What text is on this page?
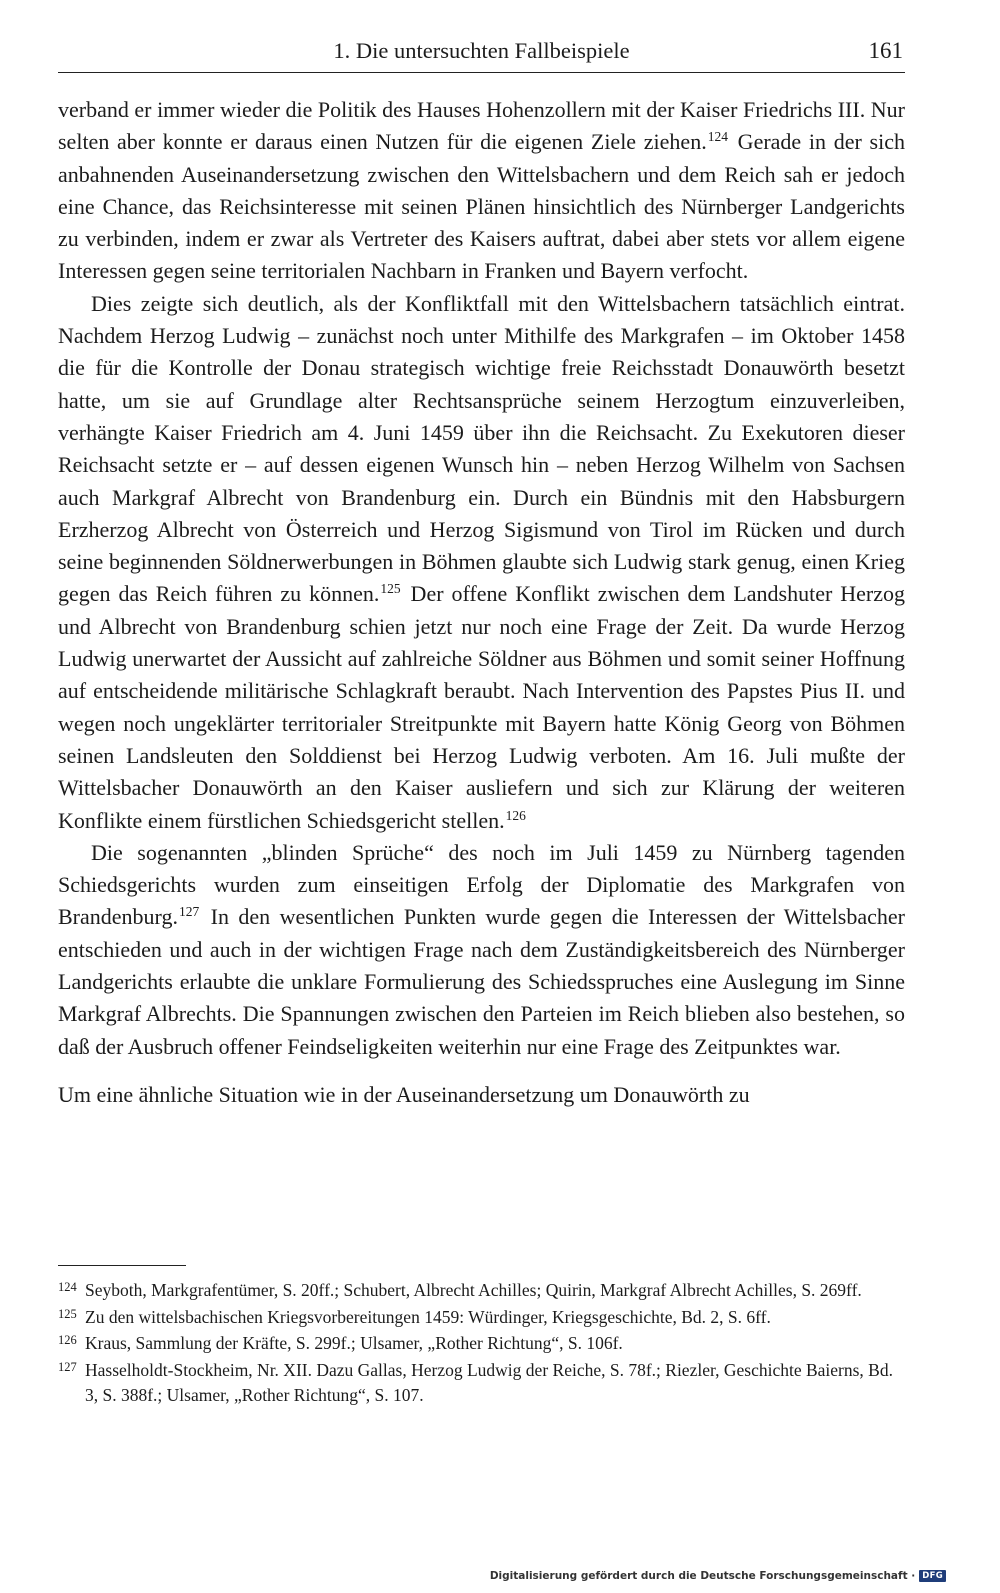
1. Die untersuchten Fallbeispiele	161

verband er immer wieder die Politik des Hauses Hohenzollern mit der Kaiser Friedrichs III. Nur selten aber konnte er daraus einen Nutzen für die eigenen Ziele ziehen.$^{124}$ Gerade in der sich anbahnenden Auseinandersetzung zwischen den Wittelsbachern und dem Reich sah er jedoch eine Chance, das Reichsinteresse mit seinen Plänen hinsichtlich des Nürnberger Landgerichts zu verbinden, indem er zwar als Vertreter des Kaisers auftrat, dabei aber stets vor allem eigene Interessen gegen seine territorialen Nachbarn in Franken und Bayern verfocht.

Dies zeigte sich deutlich, als der Konfliktfall mit den Wittelsbachern tatsächlich eintrat. Nachdem Herzog Ludwig – zunächst noch unter Mithilfe des Markgrafen – im Oktober 1458 die für die Kontrolle der Donau strategisch wichtige freie Reichsstadt Donauwörth besetzt hatte, um sie auf Grundlage alter Rechtsansprüche seinem Herzogtum einzuverleiben, verhängte Kaiser Friedrich am 4. Juni 1459 über ihn die Reichsacht. Zu Exekutoren dieser Reichsacht setzte er – auf dessen eigenen Wunsch hin – neben Herzog Wilhelm von Sachsen auch Markgraf Albrecht von Brandenburg ein. Durch ein Bündnis mit den Habsburgern Erzherzog Albrecht von Österreich und Herzog Sigismund von Tirol im Rücken und durch seine beginnenden Söldnerwerbungen in Böhmen glaubte sich Ludwig stark genug, einen Krieg gegen das Reich führen zu können.$^{125}$ Der offene Konflikt zwischen dem Landshuter Herzog und Albrecht von Brandenburg schien jetzt nur noch eine Frage der Zeit. Da wurde Herzog Ludwig unerwartet der Aussicht auf zahlreiche Söldner aus Böhmen und somit seiner Hoffnung auf entscheidende militärische Schlagkraft beraubt. Nach Intervention des Papstes Pius II. und wegen noch ungeklärter territorialer Streitpunkte mit Bayern hatte König Georg von Böhmen seinen Landsleuten den Solddienst bei Herzog Ludwig verboten. Am 16. Juli mußte der Wittelsbacher Donauwörth an den Kaiser ausliefern und sich zur Klärung der weiteren Konflikte einem fürstlichen Schiedsgericht stellen.$^{126}$

Die sogenannten „blinden Sprüche“ des noch im Juli 1459 zu Nürnberg tagenden Schiedsgerichts wurden zum einseitigen Erfolg der Diplomatie des Markgrafen von Brandenburg.$^{127}$ In den wesentlichen Punkten wurde gegen die Interessen der Wittelsbacher entschieden und auch in der wichtigen Frage nach dem Zuständigkeitsbereich des Nürnberger Landgerichts erlaubte die unklare Formulierung des Schiedsspruches eine Auslegung im Sinne Markgraf Albrechts. Die Spannungen zwischen den Parteien im Reich blieben also bestehen, so daß der Ausbruch offener Feindseligkeiten weiterhin nur eine Frage des Zeitpunktes war.

Um eine ähnliche Situation wie in der Auseinandersetzung um Donauwörth zu

124 Seyboth, Markgrafentümer, S. 20ff.; Schubert, Albrecht Achilles; Quirin, Markgraf Albrecht Achilles, S. 269ff.

125 Zu den wittelsbachischen Kriegsvorbereitungen 1459: Würdinger, Kriegsgeschichte, Bd. 2, S. 6ff.

126 Kraus, Sammlung der Kräfte, S. 299f.; Ulsamer, „Rother Richtung“, S. 106f.

127 Hasselholdt-Stockheim, Nr. XII. Dazu Gallas, Herzog Ludwig der Reiche, S. 78f.; Riezler, Geschichte Baierns, Bd. 3, S. 388f.; Ulsamer, „Rother Richtung“, S. 107.

Digitalisierung gefördert durch die Deutsche Forschungsgemeinschaft · DFG
